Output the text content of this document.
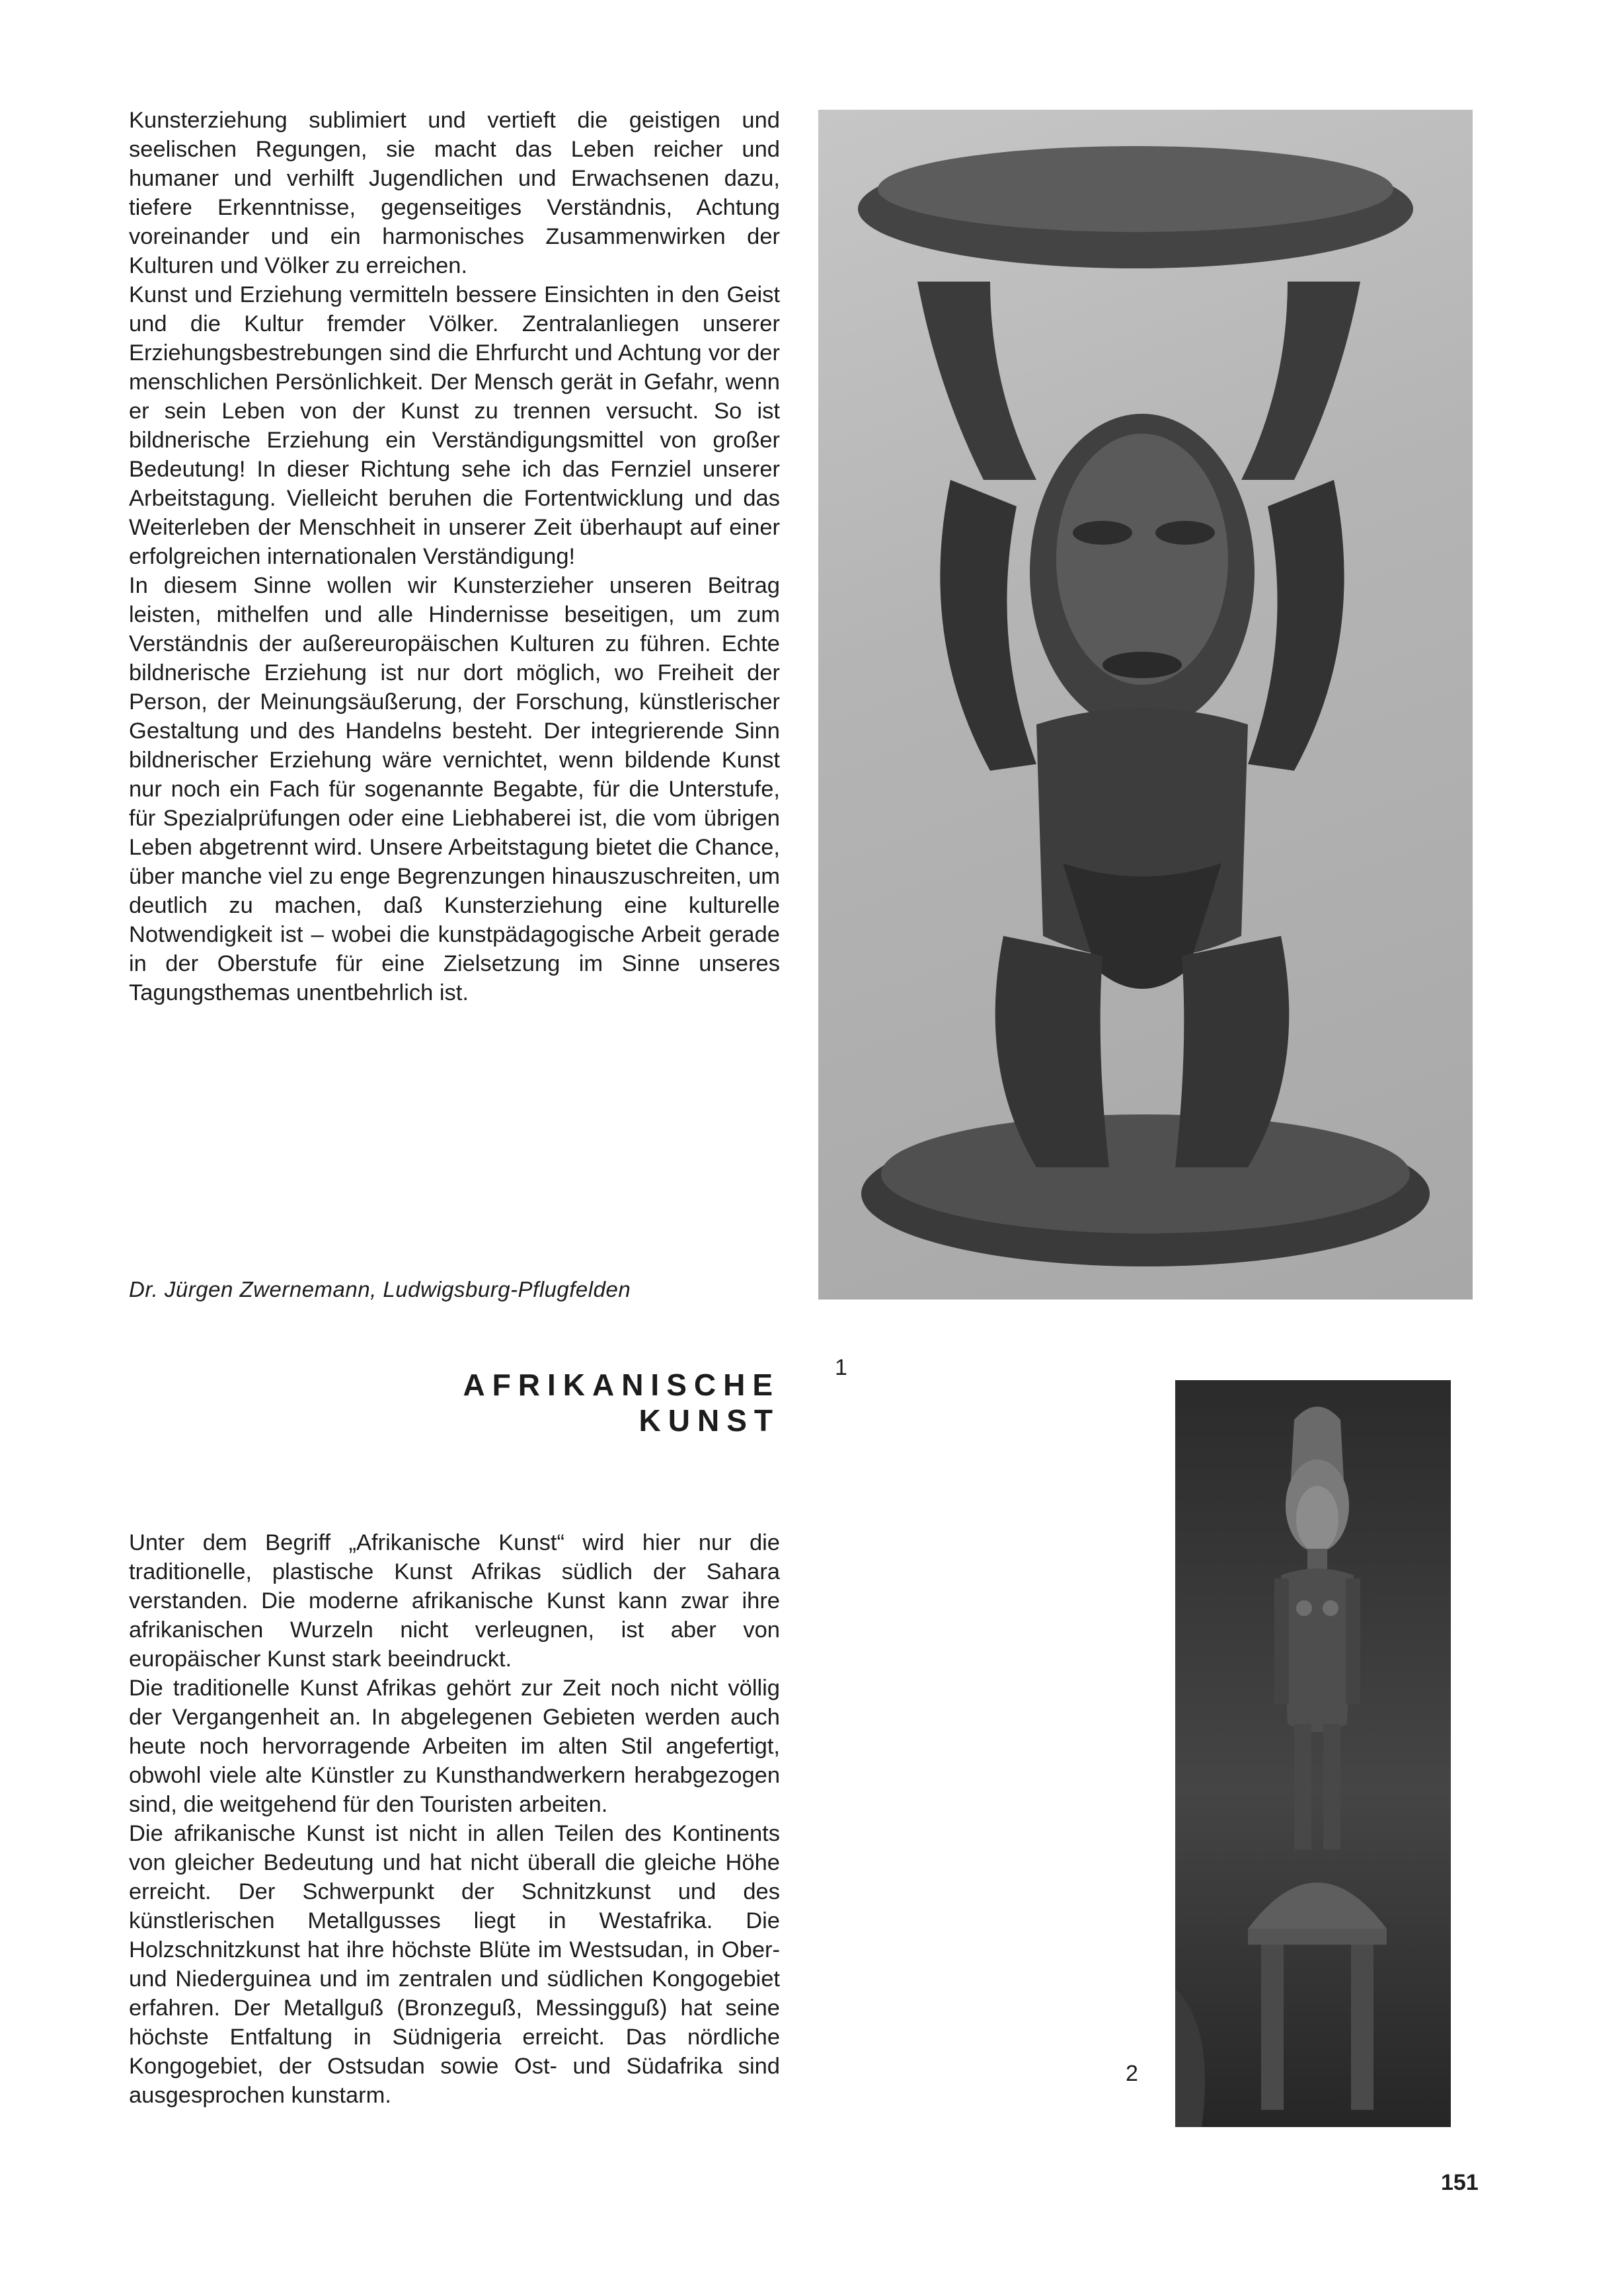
Kunsterziehung sublimiert und vertieft die geistigen und seelischen Regungen, sie macht das Leben reicher und humaner und verhilft Jugendlichen und Erwachsenen dazu, tiefere Erkenntnisse, gegenseitiges Verständnis, Achtung voreinander und ein harmonisches Zusammenwirken der Kulturen und Völker zu erreichen.

Kunst und Erziehung vermitteln bessere Einsichten in den Geist und die Kultur fremder Völker. Zentralanliegen unserer Erziehungsbestrebungen sind die Ehrfurcht und Achtung vor der menschlichen Persönlichkeit. Der Mensch gerät in Gefahr, wenn er sein Leben von der Kunst zu trennen versucht. So ist bildnerische Erziehung ein Verständigungsmittel von großer Bedeutung! In dieser Richtung sehe ich das Fernziel unserer Arbeitstagung. Vielleicht beruhen die Fortentwicklung und das Weiterleben der Menschheit in unserer Zeit überhaupt auf einer erfolgreichen internationalen Verständigung!

In diesem Sinne wollen wir Kunsterzieher unseren Beitrag leisten, mithelfen und alle Hindernisse beseitigen, um zum Verständnis der außereuropäischen Kulturen zu führen. Echte bildnerische Erziehung ist nur dort möglich, wo Freiheit der Person, der Meinungsäußerung, der Forschung, künstlerischer Gestaltung und des Handelns besteht. Der integrierende Sinn bildnerischer Erziehung wäre vernichtet, wenn bildende Kunst nur noch ein Fach für sogenannte Begabte, für die Unterstufe, für Spezialprüfungen oder eine Liebhaberei ist, die vom übrigen Leben abgetrennt wird. Unsere Arbeitstagung bietet die Chance, über manche viel zu enge Begrenzungen hinauszuschreiten, um deutlich zu machen, daß Kunsterziehung eine kulturelle Notwendigkeit ist – wobei die kunstpädagogische Arbeit gerade in der Oberstufe für eine Zielsetzung im Sinne unseres Tagungsthemas unentbehrlich ist.

1
Dr. Jürgen Zwernemann, Ludwigsburg-Pflugfelden
AFRIKANISCHE KUNST

Unter dem Begriff „Afrikanische Kunst“ wird hier nur die traditionelle, plastische Kunst Afrikas südlich der Sahara verstanden. Die moderne afrikanische Kunst kann zwar ihre afrikanischen Wurzeln nicht verleugnen, ist aber von europäischer Kunst stark beeindruckt.

Die traditionelle Kunst Afrikas gehört zur Zeit noch nicht völlig der Vergangenheit an. In abgelegenen Gebieten werden auch heute noch hervorragende Arbeiten im alten Stil angefertigt, obwohl viele alte Künstler zu Kunsthandwerkern herabgezogen sind, die weitgehend für den Touristen arbeiten.

Die afrikanische Kunst ist nicht in allen Teilen des Kontinents von gleicher Bedeutung und hat nicht überall die gleiche Höhe erreicht. Der Schwerpunkt der Schnitzkunst und des künstlerischen Metallgusses liegt in Westafrika. Die Holzschnitzkunst hat ihre höchste Blüte im Westsudan, in Ober- und Niederguinea und im zentralen und südlichen Kongogebiet erfahren. Der Metallguß (Bronzeguß, Messingguß) hat seine höchste Entfaltung in Südnigeria erreicht. Das nördliche Kongogebiet, der Ostsudan sowie Ost- und Südafrika sind ausgesprochen kunstarm.

2
151
